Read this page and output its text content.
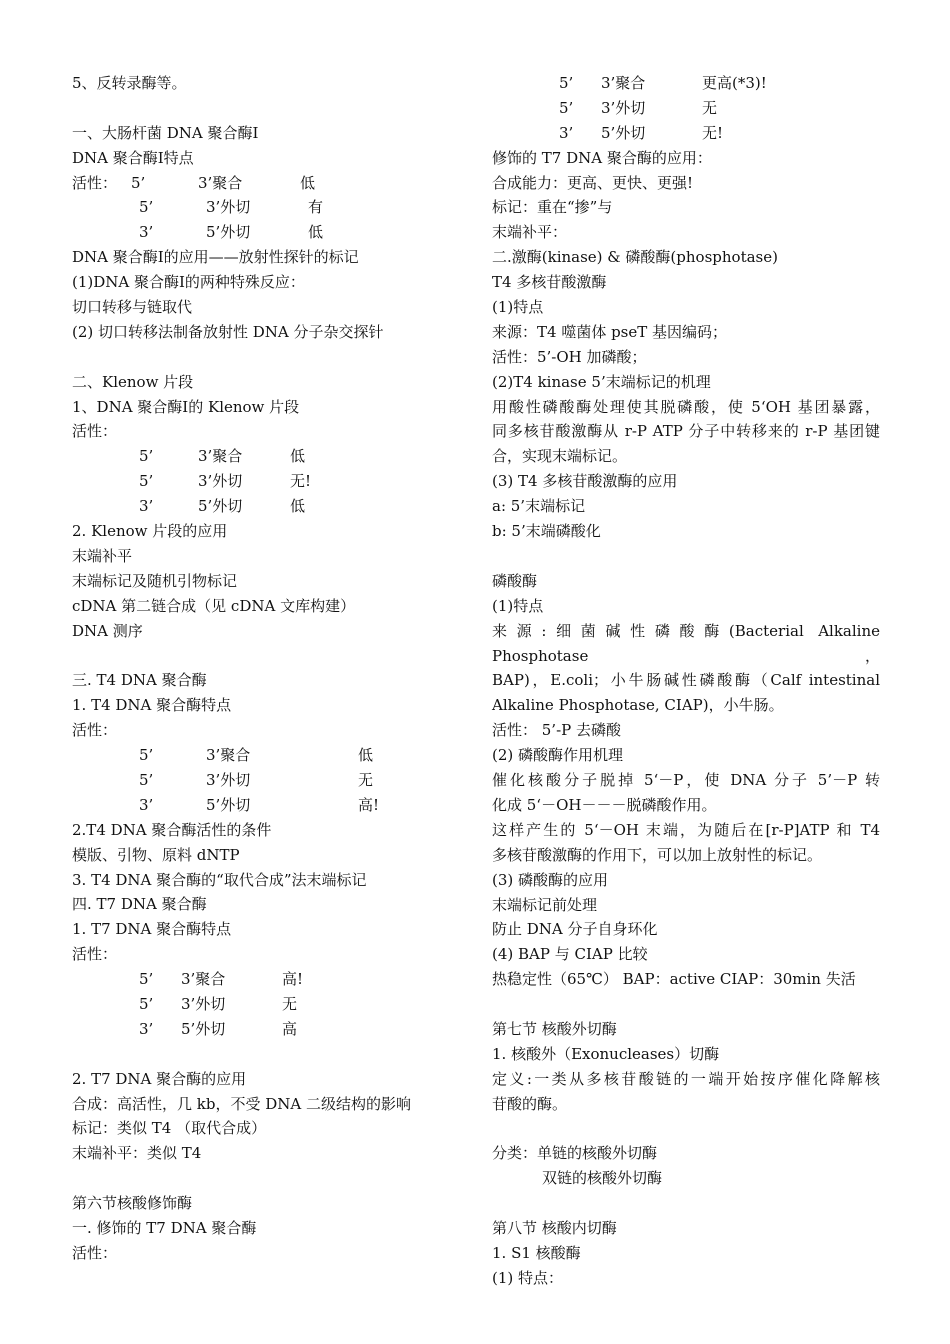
5、反转录酶等。
一、大肠杆菌 DNA 聚合酶Ⅰ
DNA 聚合酶Ⅰ特点
活性： 5’	3’聚合	低
5’	3’外切	有
3’	5’外切	低
DNA 聚合酶Ⅰ的应用——放射性探针的标记
(1)DNA 聚合酶Ⅰ的两种特殊反应：
切口转移与链取代
(2) 切口转移法制备放射性 DNA 分子杂交探针
二、Klenow 片段
1、DNA 聚合酶Ⅰ的 Klenow 片段
活性：
5’	3’聚合	低
5’	3’外切	无!
3’	5’外切	低
2. Klenow 片段的应用
末端补平
末端标记及随机引物标记
cDNA 第二链合成（见 cDNA 文库构建）
DNA 测序
三. T4 DNA 聚合酶
1. T4 DNA 聚合酶特点
活性：
5’	3’聚合	低
5’	3’外切	无
3’	5’外切	高!
2.T4 DNA 聚合酶活性的条件
模版、引物、原料 dNTP
3. T4 DNA 聚合酶的“取代合成”法末端标记
四. T7 DNA 聚合酶
1. T7 DNA 聚合酶特点
活性：
5’	3’聚合	高!
5’	3’外切	无
3’	5’外切	高
2. T7 DNA 聚合酶的应用
合成：高活性，几 kb，不受 DNA 二级结构的影响
标记：类似 T4 （取代合成）
末端补平：类似 T4
第六节核酸修饰酶
一. 修饰的 T7 DNA 聚合酶
活性：
5’	3’聚合	更高(*3)!
5’	3’外切	无
3’	5’外切	无!
修饰的 T7 DNA 聚合酶的应用：
合成能力：更高、更快、更强!
标记：重在“掺”与
末端补平：
二.激酶(kinase) & 磷酸酶(phosphotase)
T4 多核苷酸激酶
(1)特点
来源：T4 噬菌体 pseT 基因编码；
活性：5’-OH 加磷酸；
(2)T4 kinase 5’末端标记的机理
用酸性磷酸酶处理使其脱磷酸，使 5‘OH 基团暴露，
同多核苷酸激酶从 r-P ATP 分子中转移来的 r-P 基团键
合，实现末端标记。
(3) T4 多核苷酸激酶的应用
a: 5’末端标记
b: 5’末端磷酸化
磷酸酶
(1)特点
来源:细菌碱性磷酸酶(Bacterial Alkaline Phosphotase，
BAP)，E.coli；小牛肠碱性磷酸酶（Calf intestinal
Alkaline Phosphotase, CIAP)，小牛肠。
活性： 5’-P 去磷酸
(2) 磷酸酶作用机理
催化核酸分子脱掉 5‘－P，使 DNA 分子 5’－P 转
化成 5‘－OH－－－脱磷酸作用。
这样产生的 5‘－OH 末端，为随后在[r-P]ATP 和 T4
多核苷酸激酶的作用下，可以加上放射性的标记。
(3) 磷酸酶的应用
末端标记前处理
防止 DNA 分子自身环化
(4) BAP 与 CIAP 比较
热稳定性（65℃） BAP：active CIAP：30min 失活
第七节 核酸外切酶
1. 核酸外（Exonucleases）切酶
定义:一类从多核苷酸链的一端开始按序催化降解核
苷酸的酶。
分类：单链的核酸外切酶
双链的核酸外切酶
第八节 核酸内切酶
1. S1 核酸酶
(1) 特点：
